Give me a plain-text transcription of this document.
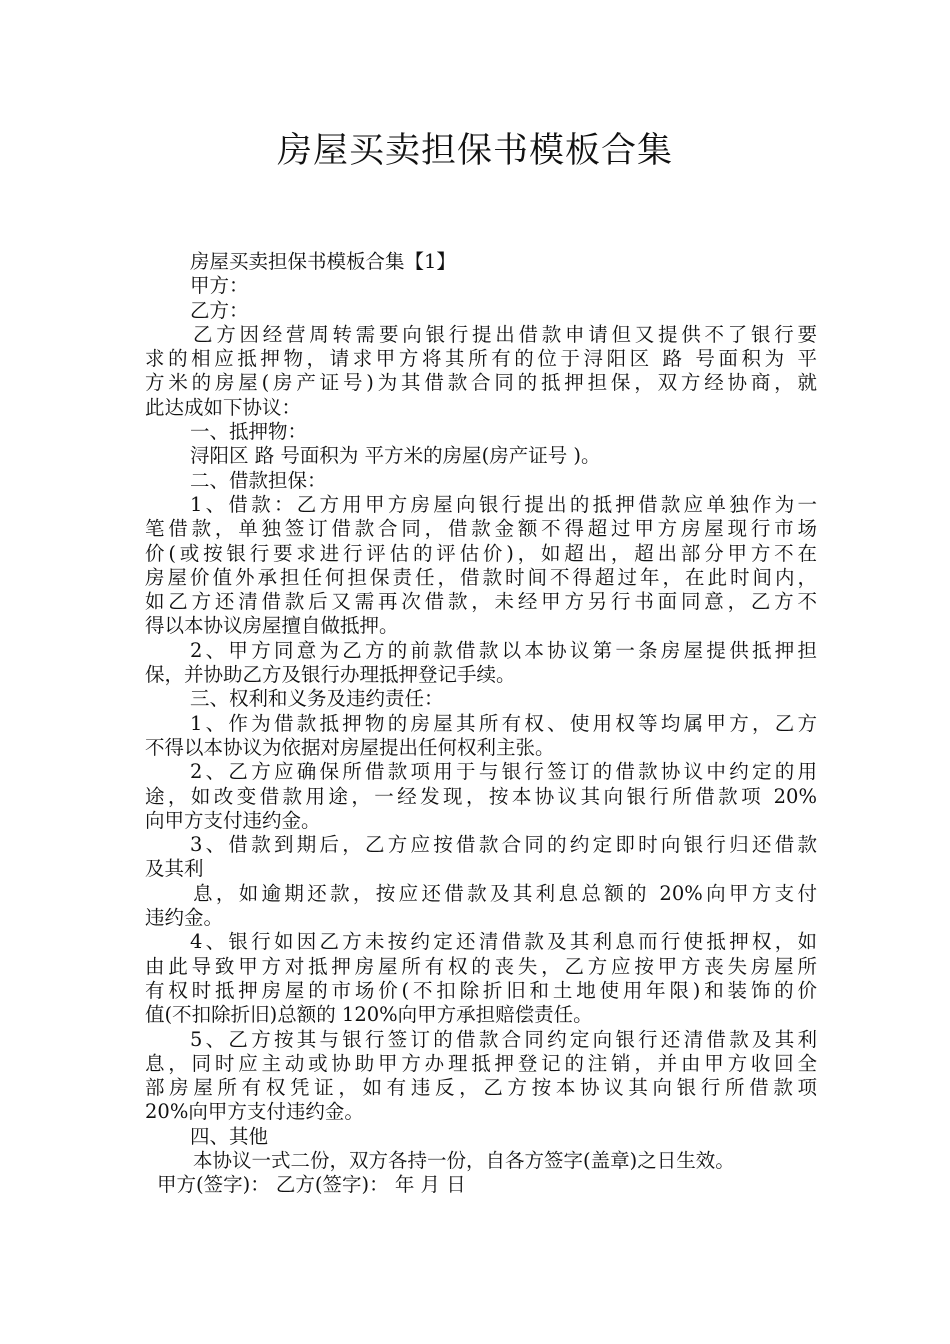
房屋买卖担保书模板合集
房屋买卖担保书模板合集【1】
甲方：
乙方：
乙方因经营周转需要向银行提出借款申请但又提供不了银行要
求的相应抵押物，请求甲方将其所有的位于浔阳区 路 号面积为 平
方米的房屋(房产证号)为其借款合同的抵押担保，双方经协商，就
此达成如下协议：
一、抵押物：
浔阳区 路 号面积为 平方米的房屋(房产证号 )。
二、借款担保：
1、借款：乙方用甲方房屋向银行提出的抵押借款应单独作为一
笔借款，单独签订借款合同，借款金额不得超过甲方房屋现行市场
价(或按银行要求进行评估的评估价)，如超出，超出部分甲方不在
房屋价值外承担任何担保责任，借款时间不得超过年，在此时间内，
如乙方还清借款后又需再次借款，未经甲方另行书面同意，乙方不
得以本协议房屋擅自做抵押。
2、甲方同意为乙方的前款借款以本协议第一条房屋提供抵押担
保，并协助乙方及银行办理抵押登记手续。
三、权利和义务及违约责任：
1、作为借款抵押物的房屋其所有权、使用权等均属甲方，乙方
不得以本协议为依据对房屋提出任何权利主张。
2、乙方应确保所借款项用于与银行签订的借款协议中约定的用
途，如改变借款用途，一经发现，按本协议其向银行所借款项 20%
向甲方支付违约金。
3、借款到期后，乙方应按借款合同的约定即时向银行归还借款
及其利
息，如逾期还款，按应还借款及其利息总额的 20%向甲方支付
违约金。
4、银行如因乙方未按约定还清借款及其利息而行使抵押权，如
由此导致甲方对抵押房屋所有权的丧失，乙方应按甲方丧失房屋所
有权时抵押房屋的市场价(不扣除折旧和土地使用年限)和装饰的价
值(不扣除折旧)总额的 120%向甲方承担赔偿责任。
5、乙方按其与银行签订的借款合同约定向银行还清借款及其利
息，同时应主动或协助甲方办理抵押登记的注销，并由甲方收回全
部房屋所有权凭证，如有违反，乙方按本协议其向银行所借款项
20%向甲方支付违约金。
四、其他
本协议一式二份，双方各持一份，自各方签字(盖章)之日生效。
甲方(签字)： 乙方(签字)： 年 月 日
